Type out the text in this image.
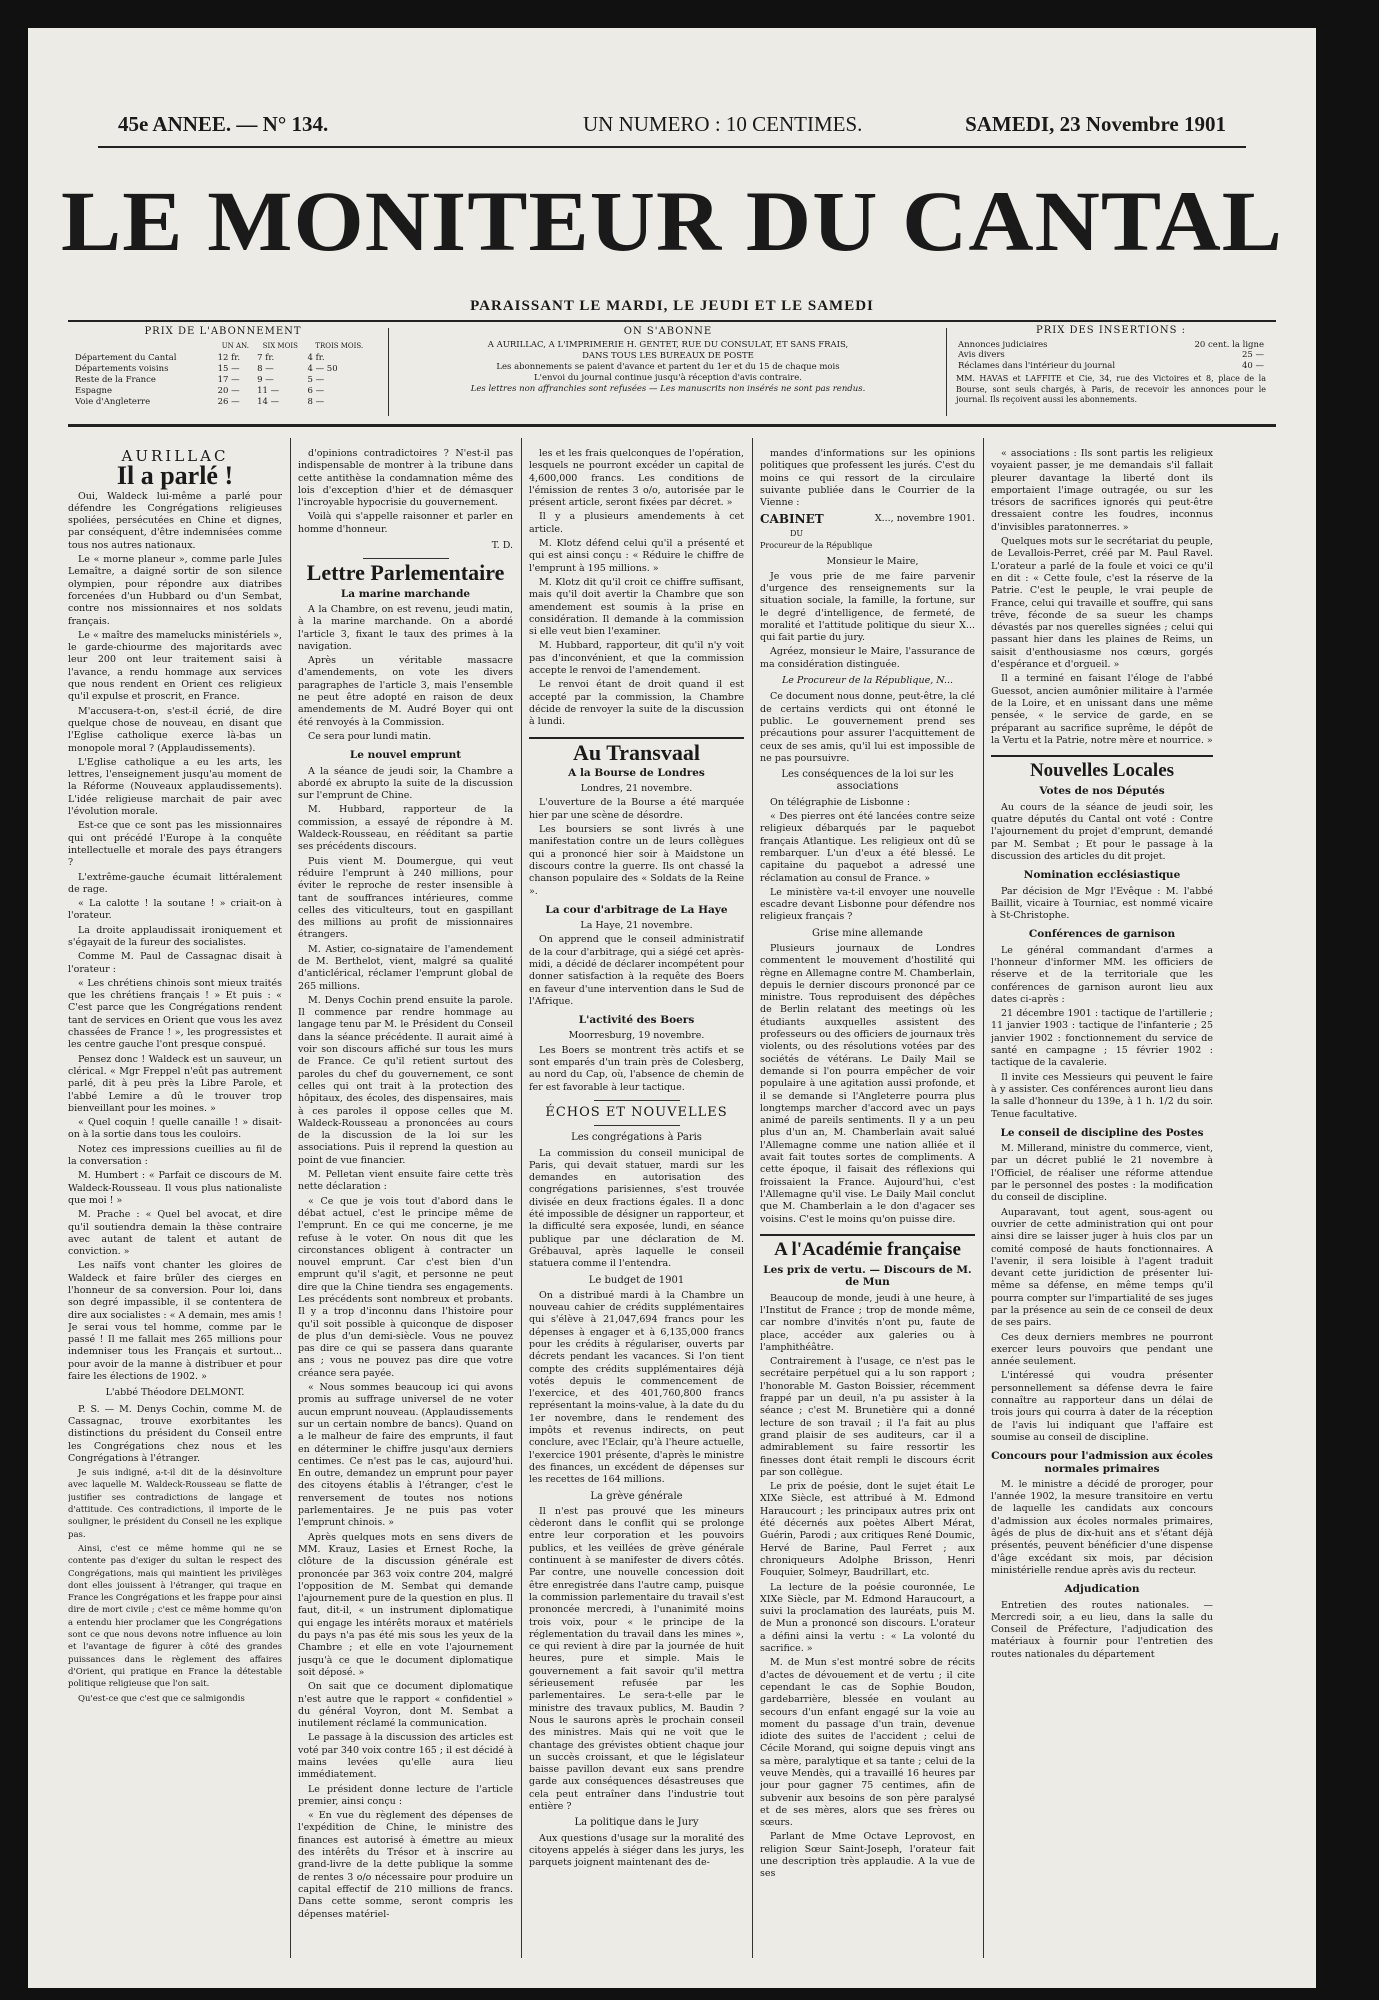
45e ANNEE. — N° 134.	UN NUMERO : 10 CENTIMES.	SAMEDI, 23 Novembre 1901
LE MONITEUR DU CANTAL
PARAISSANT LE MARDI, LE JEUDI ET LE SAMEDI
PRIX DE L'ABONNEMENT
	UN AN.	SIX MOIS	TROIS MOIS.
Département du Cantal	12 fr.	7 fr.	4 fr.
Départements voisins	15 —	8 —	4 — 50
Reste de la France	17 —	9 —	5 —
Espagne	20 —	11 —	6 —
Voie d'Angleterre	26 —	14 —	8 —
ON S'ABONNE
A AURILLAC, A L'IMPRIMERIE H. GENTET, RUE DU CONSULAT, ET SANS FRAIS,
DANS TOUS LES BUREAUX DE POSTE
Les abonnements se paient d'avance et partent du 1er et du 15 de chaque mois
L'envoi du journal continue jusqu'à réception d'avis contraire.
Les lettres non affranchies sont refusées — Les manuscrits non insérés ne sont pas rendus.
PRIX DES INSERTIONS :
Annonces judiciaires	20 cent. la ligne
Avis divers	25 —
Réclames dans l'intérieur du journal	40 —
MM. HAVAS et LAFFITE et Cie, 34, rue des Victoires et 8, place de la Bourse, sont seuls chargés, à Paris, de recevoir les annonces pour le journal. Ils reçoivent aussi les abonnements.
AURILLAC
Il a parlé !

Oui, Waldeck lui-même a parlé pour défendre les Congrégations religieuses spoliées, persécutées en Chine et dignes, par conséquent, d'être indemnisées comme tous nos autres nationaux.

Le « morne planeur », comme parle Jules Lemaître, a daigné sortir de son silence olympien, pour répondre aux diatribes forcenées d'un Hubbard ou d'un Sembat, contre nos missionnaires et nos soldats français.

Le « maître des mamelucks ministériels », le garde-chiourme des majoritards avec leur 200 ont leur traitement saisi à l'avance, a rendu hommage aux services que nous rendent en Orient ces religieux qu'il expulse et proscrit, en France.

M'accusera-t-on, s'est-il écrié, de dire quelque chose de nouveau, en disant que l'Eglise catholique exerce là-bas un monopole moral ? (Applaudissements).

L'Eglise catholique a eu les arts, les lettres, l'enseignement jusqu'au moment de la Réforme (Nouveaux applaudissements). L'idée religieuse marchait de pair avec l'évolution morale.

Est-ce que ce sont pas les missionnaires qui ont précédé l'Europe à la conquête intellectuelle et morale des pays étrangers ?

L'extrême-gauche écumait littéralement de rage.

« La calotte ! la soutane ! » criait-on à l'orateur.

La droite applaudissait ironiquement et s'égayait de la fureur des socialistes.

Comme M. Paul de Cassagnac disait à l'orateur :

« Les chrétiens chinois sont mieux traités que les chrétiens français ! » Et puis : « C'est parce que les Congrégations rendent tant de services en Orient que vous les avez chassées de France ! », les progressistes et les centre gauche l'ont presque conspué.

Pensez donc ! Waldeck est un sauveur, un clérical. « Mgr Freppel n'eût pas autrement parlé, dit à peu près la Libre Parole, et l'abbé Lemire a dû le trouver trop bienveillant pour les moines. »

« Quel coquin ! quelle canaille ! » disait-on à la sortie dans tous les couloirs.

Notez ces impressions cueillies au fil de la conversation :

M. Humbert : « Parfait ce discours de M. Waldeck-Rousseau. Il vous plus nationaliste que moi ! »

M. Prache : « Quel bel avocat, et dire qu'il soutiendra demain la thèse contraire avec autant de talent et autant de conviction. »

Les naïfs vont chanter les gloires de Waldeck et faire brûler des cierges en l'honneur de sa conversion. Pour loi, dans son degré impassible, il se contentera de dire aux socialistes : « A demain, mes amis ! Je serai vous tel homme, comme par le passé ! Il me fallait mes 265 millions pour indemniser tous les Français et surtout... pour avoir de la manne à distribuer et pour faire les élections de 1902. »

L'abbé Théodore DELMONT.

P. S. — M. Denys Cochin, comme M. de Cassagnac, trouve exorbitantes les distinctions du président du Conseil entre les Congrégations chez nous et les Congrégations à l'étranger.

Je suis indigné, a-t-il dit de la désinvolture avec laquelle M. Waldeck-Rousseau se flatte de justifier ses contradictions de langage et d'attitude. Ces contradictions, il importe de le souligner, le président du Conseil ne les explique pas.

Ainsi, c'est ce même homme qui ne se contente pas d'exiger du sultan le respect des Congrégations, mais qui maintient les privilèges dont elles jouissent à l'étranger, qui traque en France les Congrégations et les frappe pour ainsi dire de mort civile ; c'est ce même homme qu'on a entendu hier proclamer que les Congrégations sont ce que nous devons notre influence au loin et l'avantage de figurer à côté des grandes puissances dans le règlement des affaires d'Orient, qui pratique en France la détestable politique religieuse que l'on sait.

Qu'est-ce que c'est que ce salmigondis

d'opinions contradictoires ? N'est-il pas indispensable de montrer à la tribune dans cette antithèse la condamnation même des lois d'exception d'hier et de démasquer l'incroyable hypocrisie du gouvernement.

Voilà qui s'appelle raisonner et parler en homme d'honneur.

T. D.

Lettre Parlementaire
La marine marchande

A la Chambre, on est revenu, jeudi matin, à la marine marchande. On a abordé l'article 3, fixant le taux des primes à la navigation.

Après un véritable massacre d'amendements, on vote les divers paragraphes de l'article 3, mais l'ensemble ne peut être adopté en raison de deux amendements de M. Audré Boyer qui ont été renvoyés à la Commission.

Ce sera pour lundi matin.

Le nouvel emprunt

A la séance de jeudi soir, la Chambre a abordé ex abrupto la suite de la discussion sur l'emprunt de Chine.

M. Hubbard, rapporteur de la commission, a essayé de répondre à M. Waldeck-Rousseau, en rééditant sa partie ses précédents discours.

Puis vient M. Doumergue, qui veut réduire l'emprunt à 240 millions, pour éviter le reproche de rester insensible à tant de souffrances intérieures, comme celles des viticulteurs, tout en gaspillant des millions au profit de missionnaires étrangers.

M. Astier, co-signataire de l'amendement de M. Berthelot, vient, malgré sa qualité d'anticlérical, réclamer l'emprunt global de 265 millions.

M. Denys Cochin prend ensuite la parole. Il commence par rendre hommage au langage tenu par M. le Président du Conseil dans la séance précédente. Il aurait aimé à voir son discours affiché sur tous les murs de France. Ce qu'il retient surtout des paroles du chef du gouvernement, ce sont celles qui ont trait à la protection des hôpitaux, des écoles, des dispensaires, mais à ces paroles il oppose celles que M. Waldeck-Rousseau a prononcées au cours de la discussion de la loi sur les associations. Puis il reprend la question au point de vue financier.

M. Pelletan vient ensuite faire cette très nette déclaration :

« Ce que je vois tout d'abord dans le débat actuel, c'est le principe même de l'emprunt. En ce qui me concerne, je me refuse à le voter. On nous dit que les circonstances obligent à contracter un nouvel emprunt. Car c'est bien d'un emprunt qu'il s'agit, et personne ne peut dire que la Chine tiendra ses engagements. Les précédents sont nombreux et probants. Il y a trop d'inconnu dans l'histoire pour qu'il soit possible à quiconque de disposer de plus d'un demi-siècle. Vous ne pouvez pas dire ce qui se passera dans quarante ans ; vous ne pouvez pas dire que votre créance sera payée.

« Nous sommes beaucoup ici qui avons promis au suffrage universel de ne voter aucun emprunt nouveau. (Applaudissements sur un certain nombre de bancs). Quand on a le malheur de faire des emprunts, il faut en déterminer le chiffre jusqu'aux derniers centimes. Ce n'est pas le cas, aujourd'hui. En outre, demandez un emprunt pour payer des citoyens établis à l'étranger, c'est le renversement de toutes nos notions parlementaires. Je ne puis pas voter l'emprunt chinois. »

Après quelques mots en sens divers de MM. Krauz, Lasies et Ernest Roche, la clôture de la discussion générale est prononcée par 363 voix contre 204, malgré l'opposition de M. Sembat qui demande l'ajournement pure de la question en plus. Il faut, dit-il, « un instrument diplomatique qui engage les intérêts moraux et matériels du pays n'a pas été mis sous les yeux de la Chambre ; et elle en vote l'ajournement jusqu'à ce que le document diplomatique soit déposé. »

On sait que ce document diplomatique n'est autre que le rapport « confidentiel » du général Voyron, dont M. Sembat a inutilement réclamé la communication.

Le passage à la discussion des articles est voté par 340 voix contre 165 ; il est décidé à mains levées qu'elle aura lieu immédiatement.

Le président donne lecture de l'article premier, ainsi conçu :

« En vue du règlement des dépenses de l'expédition de Chine, le ministre des finances est autorisé à émettre au mieux des intérêts du Trésor et à inscrire au grand-livre de la dette publique la somme de rentes 3 o/o nécessaire pour produire un capital effectif de 210 millions de francs. Dans cette somme, seront compris les dépenses matériel-

les et les frais quelconques de l'opération, lesquels ne pourront excéder un capital de 4,600,000 francs. Les conditions de l'émission de rentes 3 o/o, autorisée par le présent article, seront fixées par décret. »

Il y a plusieurs amendements à cet article.

M. Klotz défend celui qu'il a présenté et qui est ainsi conçu : « Réduire le chiffre de l'emprunt à 195 millions. »

M. Klotz dit qu'il croit ce chiffre suffisant, mais qu'il doit avertir la Chambre que son amendement est soumis à la prise en considération. Il demande à la commission si elle veut bien l'examiner.

M. Hubbard, rapporteur, dit qu'il n'y voit pas d'inconvénient, et que la commission accepte le renvoi de l'amendement.

Le renvoi étant de droit quand il est accepté par la commission, la Chambre décide de renvoyer la suite de la discussion à lundi.

Au Transvaal
A la Bourse de Londres

Londres, 21 novembre.

L'ouverture de la Bourse a été marquée hier par une scène de désordre.

Les boursiers se sont livrés à une manifestation contre un de leurs collègues qui a prononcé hier soir à Maidstone un discours contre la guerre. Ils ont chassé la chanson populaire des « Soldats de la Reine ».

La cour d'arbitrage de La Haye

La Haye, 21 novembre.

On apprend que le conseil administratif de la cour d'arbitrage, qui a siégé cet après-midi, a décidé de déclarer incompétent pour donner satisfaction à la requête des Boers en faveur d'une intervention dans le Sud de l'Afrique.

L'activité des Boers

Moorresburg, 19 novembre.

Les Boers se montrent très actifs et se sont emparés d'un train près de Colesberg, au nord du Cap, où, l'absence de chemin de fer est favorable à leur tactique.

ÉCHOS ET NOUVELLES
Les congrégations à Paris

La commission du conseil municipal de Paris, qui devait statuer, mardi sur les demandes en autorisation des congrégations parisiennes, s'est trouvée divisée en deux fractions égales. Il a donc été impossible de désigner un rapporteur, et la difficulté sera exposée, lundi, en séance publique par une déclaration de M. Grébauval, après laquelle le conseil statuera comme il l'entendra.

Le budget de 1901

On a distribué mardi à la Chambre un nouveau cahier de crédits supplémentaires qui s'élève à 21,047,694 francs pour les dépenses à engager et à 6,135,000 francs pour les crédits à régulariser, ouverts par décrets pendant les vacances. Si l'on tient compte des crédits supplémentaires déjà votés depuis le commencement de l'exercice, et des 401,760,800 francs représentant la moins-value, à la date du du 1er novembre, dans le rendement des impôts et revenus indirects, on peut conclure, avec l'Eclair, qu'à l'heure actuelle, l'exercice 1901 présente, d'après le ministre des finances, un excédent de dépenses sur les recettes de 164 millions.

La grève générale

Il n'est pas prouvé que les mineurs cèderont dans le conflit qui se prolonge entre leur corporation et les pouvoirs publics, et les veillées de grève générale continuent à se manifester de divers côtés. Par contre, une nouvelle concession doit être enregistrée dans l'autre camp, puisque la commission parlementaire du travail s'est prononcée mercredi, à l'unanimité moins trois voix, pour « le principe de la réglementation du travail dans les mines », ce qui revient à dire par la journée de huit heures, pure et simple. Mais le gouvernement a fait savoir qu'il mettra sérieusement refusée par les parlementaires. Le sera-t-elle par le ministre des travaux publics, M. Baudin ? Nous le saurons après le prochain conseil des ministres. Mais qui ne voit que le chantage des grévistes obtient chaque jour un succès croissant, et que le législateur baisse pavillon devant eux sans prendre garde aux conséquences désastreuses que cela peut entraîner dans l'industrie tout entière ?

La politique dans le Jury

Aux questions d'usage sur la moralité des citoyens appelés à siéger dans les jurys, les parquets joignent maintenant des de-

mandes d'informations sur les opinions politiques que professent les jurés. C'est du moins ce qui ressort de la circulaire suivante publiée dans le Courrier de la Vienne :

CABINET	X..., novembre 1901.
DU
Procureur de la République

Monsieur le Maire,

Je vous prie de me faire parvenir d'urgence des renseignements sur la situation sociale, la famille, la fortune, sur le degré d'intelligence, de fermeté, de moralité et l'attitude politique du sieur X... qui fait partie du jury.

Agréez, monsieur le Maire, l'assurance de ma considération distinguée.

Le Procureur de la République, N...

Ce document nous donne, peut-être, la clé de certains verdicts qui ont étonné le public. Le gouvernement prend ses précautions pour assurer l'acquittement de ceux de ses amis, qu'il lui est impossible de ne pas poursuivre.

Les conséquences de la loi sur les associations

On télégraphie de Lisbonne :

« Des pierres ont été lancées contre seize religieux débarqués par le paquebot français Atlantique. Les religieux ont dû se rembarquer. L'un d'eux a été blessé. Le capitaine du paquebot a adressé une réclamation au consul de France. »

Le ministère va-t-il envoyer une nouvelle escadre devant Lisbonne pour défendre nos religieux français ?

Grise mine allemande

Plusieurs journaux de Londres commentent le mouvement d'hostilité qui règne en Allemagne contre M. Chamberlain, depuis le dernier discours prononcé par ce ministre. Tous reproduisent des dépêches de Berlin relatant des meetings où les étudiants auxquelles assistent des professeurs ou des officiers de journaux très violents, ou des résolutions votées par des sociétés de vétérans. Le Daily Mail se demande si l'on pourra empêcher de voir populaire à une agitation aussi profonde, et il se demande si l'Angleterre pourra plus longtemps marcher d'accord avec un pays animé de pareils sentiments. Il y a un peu plus d'un an, M. Chamberlain avait salué l'Allemagne comme une nation alliée et il avait fait toutes sortes de compliments. A cette époque, il faisait des réflexions qui froissaient la France. Aujourd'hui, c'est l'Allemagne qu'il vise. Le Daily Mail conclut que M. Chamberlain a le don d'agacer ses voisins. C'est le moins qu'on puisse dire.

A l'Académie française
Les prix de vertu. — Discours de M. de Mun

Beaucoup de monde, jeudi à une heure, à l'Institut de France ; trop de monde même, car nombre d'invités n'ont pu, faute de place, accéder aux galeries ou à l'amphithéâtre.

Contrairement à l'usage, ce n'est pas le secrétaire perpétuel qui a lu son rapport ; l'honorable M. Gaston Boissier, récemment frappé par un deuil, n'a pu assister à la séance ; c'est M. Brunetière qui a donné lecture de son travail ; il l'a fait au plus grand plaisir de ses auditeurs, car il a admirablement su faire ressortir les finesses dont était rempli le discours écrit par son collègue.

Le prix de poésie, dont le sujet était Le XIXe Siècle, est attribué à M. Edmond Haraucourt ; les principaux autres prix ont été décernés aux poètes Albert Mérat, Guérin, Parodi ; aux critiques René Doumic, Hervé de Barine, Paul Ferret ; aux chroniqueurs Adolphe Brisson, Henri Fouquier, Solmeyr, Baudrillart, etc.

La lecture de la poésie couronnée, Le XIXe Siècle, par M. Edmond Haraucourt, a suivi la proclamation des lauréats, puis M. de Mun a prononcé son discours. L'orateur a défini ainsi la vertu : « La volonté du sacrifice. »

M. de Mun s'est montré sobre de récits d'actes de dévouement et de vertu ; il cite cependant le cas de Sophie Boudon, gardebarrière, blessée en voulant au secours d'un enfant engagé sur la voie au moment du passage d'un train, devenue idiote des suites de l'accident ; celui de Cécile Morand, qui soigne depuis vingt ans sa mère, paralytique et sa tante ; celui de la veuve Mendès, qui a travaillé 16 heures par jour pour gagner 75 centimes, afin de subvenir aux besoins de son père paralysé et de ses mères, alors que ses frères ou sœurs.

Parlant de Mme Octave Leprovost, en religion Sœur Saint-Joseph, l'orateur fait une description très applaudie. A la vue de ses

« associations : Ils sont partis les religieux voyaient passer, je me demandais s'il fallait pleurer davantage la liberté dont ils emportaient l'image outragée, ou sur les trésors de sacrifices ignorés qui peut-être dressaient contre les foudres, inconnus d'invisibles paratonnerres. »

Quelques mots sur le secrétariat du peuple, de Levallois-Perret, créé par M. Paul Ravel. L'orateur a parlé de la foule et voici ce qu'il en dit : « Cette foule, c'est la réserve de la Patrie. C'est le peuple, le vrai peuple de France, celui qui travaille et souffre, qui sans trêve, féconde de sa sueur les champs dévastés par nos querelles signées ; celui qui passant hier dans les plaines de Reims, un saisit d'enthousiasme nos cœurs, gorgés d'espérance et d'orgueil. »

Il a terminé en faisant l'éloge de l'abbé Guessot, ancien aumônier militaire à l'armée de la Loire, et en unissant dans une même pensée, « le service de garde, en se préparant au sacrifice suprême, le dépôt de la Vertu et la Patrie, notre mère et nourrice. »

Nouvelles Locales
Votes de nos Députés

Au cours de la séance de jeudi soir, les quatre députés du Cantal ont voté : Contre l'ajournement du projet d'emprunt, demandé par M. Sembat ; Et pour le passage à la discussion des articles du dit projet.

Nomination ecclésiastique

Par décision de Mgr l'Evêque : M. l'abbé Baillit, vicaire à Tourniac, est nommé vicaire à St-Christophe.

Conférences de garnison

Le général commandant d'armes a l'honneur d'informer MM. les officiers de réserve et de la territoriale que les conférences de garnison auront lieu aux dates ci-après :

21 décembre 1901 : tactique de l'artillerie ; 11 janvier 1903 : tactique de l'infanterie ; 25 janvier 1902 : fonctionnement du service de santé en campagne ; 15 février 1902 : tactique de la cavalerie.

Il invite ces Messieurs qui peuvent le faire à y assister. Ces conférences auront lieu dans la salle d'honneur du 139e, à 1 h. 1/2 du soir. Tenue facultative.

Le conseil de discipline des Postes

M. Millerand, ministre du commerce, vient, par un décret publié le 21 novembre à l'Officiel, de réaliser une réforme attendue par le personnel des postes : la modification du conseil de discipline.

Auparavant, tout agent, sous-agent ou ouvrier de cette administration qui ont pour ainsi dire se laisser juger à huis clos par un comité composé de hauts fonctionnaires. A l'avenir, il sera loisible à l'agent traduit devant cette juridiction de présenter lui-même sa défense, en même temps qu'il pourra compter sur l'impartialité de ses juges par la présence au sein de ce conseil de deux de ses pairs.

Ces deux derniers membres ne pourront exercer leurs pouvoirs que pendant une année seulement.

L'intéressé qui voudra présenter personnellement sa défense devra le faire connaître au rapporteur dans un délai de trois jours qui courra à dater de la réception de l'avis lui indiquant que l'affaire est soumise au conseil de discipline.

Concours pour l'admission aux écoles normales primaires

M. le ministre a décidé de proroger, pour l'année 1902, la mesure transitoire en vertu de laquelle les candidats aux concours d'admission aux écoles normales primaires, âgés de plus de dix-huit ans et s'étant déjà présentés, peuvent bénéficier d'une dispense d'âge excédant six mois, par décision ministérielle rendue après avis du recteur.

Adjudication

Entretien des routes nationales. — Mercredi soir, a eu lieu, dans la salle du Conseil de Préfecture, l'adjudication des matériaux à fournir pour l'entretien des routes nationales du département
